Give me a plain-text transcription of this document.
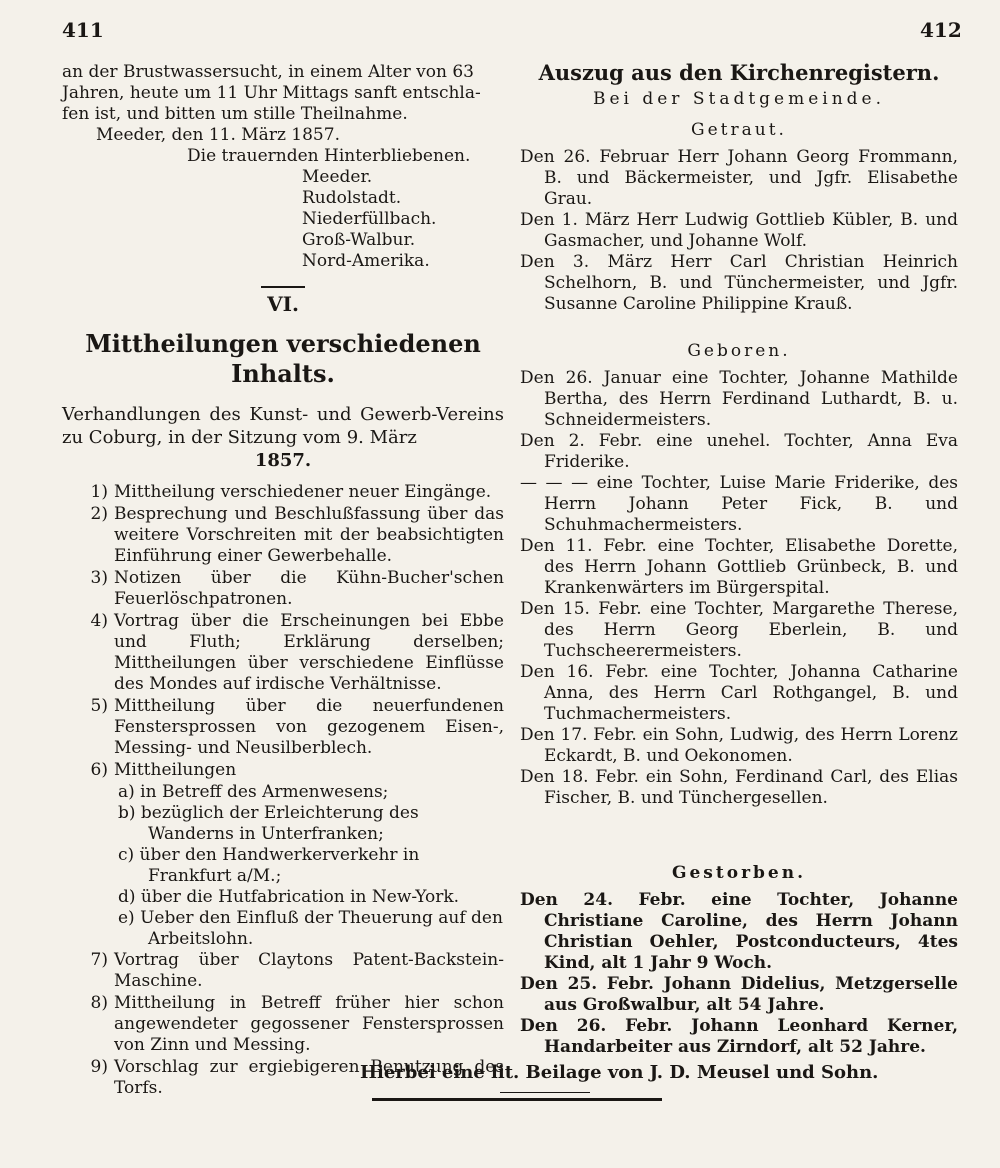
411	412

an der Brustwassersucht, in einem Alter von 63

Jahren, heute um 11 Uhr Mittags sanft entschla-

fen ist, und bitten um stille Theilnahme.

Meeder, den 11. März 1857.

Die trauernden Hinterbliebenen.

Meeder.

Rudolstadt.

Niederfüllbach.

Groß-Walbur.

Nord-Amerika.

VI.
Mittheilungen verschiedenen Inhalts.
Verhandlungen des Kunst- und Gewerb-Vereins zu Coburg, in der Sitzung vom 9. März
1857.
1) Mittheilung verschiedener neuer Eingänge.
2) Besprechung und Beschlußfassung über das weitere Vorschreiten mit der beabsichtigten Einführung einer Gewerbehalle.
3) Notizen über die Kühn-Bucher'schen Feuerlöschpatronen.
4) Vortrag über die Erscheinungen bei Ebbe und Fluth; Erklärung derselben; Mittheilungen über verschiedene Einflüsse des Mondes auf irdische Verhältnisse.
5) Mittheilung über die neuerfundenen Fenstersprossen von gezogenem Eisen-, Messing- und Neusilberblech.
6) Mittheilungen
a) in Betreff des Armenwesens;
b) bezüglich der Erleichterung des Wanderns in Unterfranken;
c) über den Handwerkerverkehr in Frankfurt a/M.;
d) über die Hutfabrication in New-York.
e) Ueber den Einfluß der Theuerung auf den Arbeitslohn.
7) Vortrag über Claytons Patent-Backstein-Maschine.
8) Mittheilung in Betreff früher hier schon angewendeter gegossener Fenstersprossen von Zinn und Messing.
9) Vorschlag zur ergiebigeren Benutzung des Torfs.
Auszug aus den Kirchenregistern.
Bei der Stadtgemeinde.
Getraut.

Den 26. Februar Herr Johann Georg Frommann, B. und Bäckermeister, und Jgfr. Elisabethe Grau.

Den 1. März Herr Ludwig Gottlieb Kübler, B. und Gasmacher, und Johanne Wolf.

Den 3. März Herr Carl Christian Heinrich Schelhorn, B. und Tünchermeister, und Jgfr. Susanne Caroline Philippine Krauß.

Geboren.

Den 26. Januar eine Tochter, Johanne Mathilde Bertha, des Herrn Ferdinand Luthardt, B. u. Schneidermeisters.

Den 2. Febr. eine unehel. Tochter, Anna Eva Friderike.

— — — eine Tochter, Luise Marie Friderike, des Herrn Johann Peter Fick, B. und Schuhmachermeisters.

Den 11. Febr. eine Tochter, Elisabethe Dorette, des Herrn Johann Gottlieb Grünbeck, B. und Krankenwärters im Bürgerspital.

Den 15. Febr. eine Tochter, Margarethe Therese, des Herrn Georg Eberlein, B. und Tuchscheerermeisters.

Den 16. Febr. eine Tochter, Johanna Catharine Anna, des Herrn Carl Rothgangel, B. und Tuchmachermeisters.

Den 17. Febr. ein Sohn, Ludwig, des Herrn Lorenz Eckardt, B. und Oekonomen.

Den 18. Febr. ein Sohn, Ferdinand Carl, des Elias Fischer, B. und Tünchergesellen.

Gestorben.

Den 24. Febr. eine Tochter, Johanne Christiane Caroline, des Herrn Johann Christian Oehler, Postconducteurs, 4tes Kind, alt 1 Jahr 9 Woch.

Den 25. Febr. Johann Didelius, Metzgerselle aus Großwalbur, alt 54 Jahre.

Den 26. Febr. Johann Leonhard Kerner, Handarbeiter aus Zirndorf, alt 52 Jahre.

Hierbei eine lit. Beilage von J. D. Meusel und Sohn.
